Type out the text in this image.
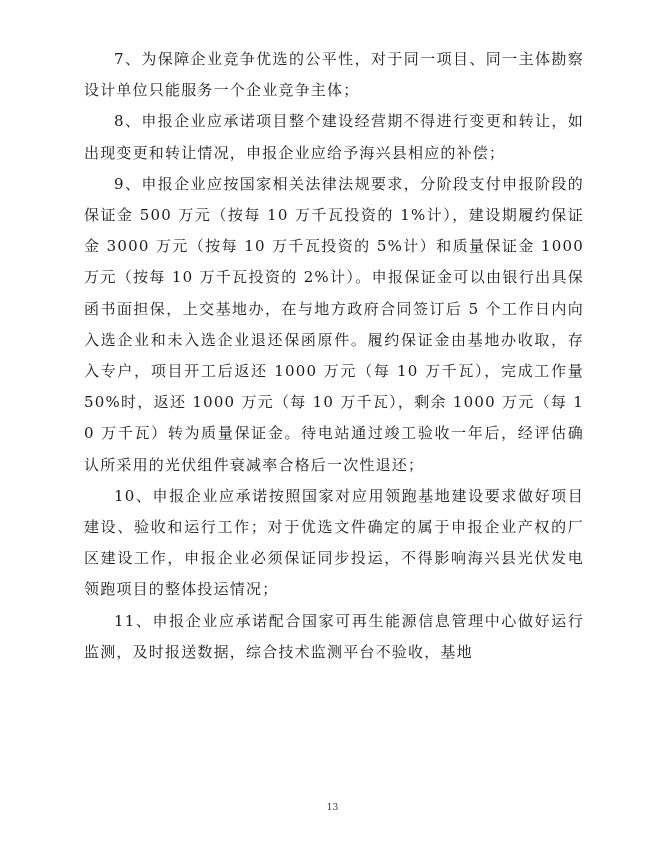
7、为保障企业竞争优选的公平性，对于同一项目、同一主体勘察设计单位只能服务一个企业竞争主体；

8、申报企业应承诺项目整个建设经营期不得进行变更和转让，如出现变更和转让情况，申报企业应给予海兴县相应的补偿；

9、申报企业应按国家相关法律法规要求，分阶段支付申报阶段的保证金 500 万元（按每 10 万千瓦投资的 1%计），建设期履约保证金 3000 万元（按每 10 万千瓦投资的 5%计）和质量保证金 1000 万元（按每 10 万千瓦投资的 2%计）。申报保证金可以由银行出具保函书面担保，上交基地办，在与地方政府合同签订后 5 个工作日内向入选企业和未入选企业退还保函原件。履约保证金由基地办收取，存入专户，项目开工后返还 1000 万元（每 10 万千瓦），完成工作量 50%时，返还 1000 万元（每 10 万千瓦），剩余 1000 万元（每 10 万千瓦）转为质量保证金。待电站通过竣工验收一年后，经评估确认所采用的光伏组件衰减率合格后一次性退还；

10、申报企业应承诺按照国家对应用领跑基地建设要求做好项目建设、验收和运行工作；对于优选文件确定的属于申报企业产权的厂区建设工作，申报企业必须保证同步投运，不得影响海兴县光伏发电领跑项目的整体投运情况；

11、申报企业应承诺配合国家可再生能源信息管理中心做好运行监测，及时报送数据，综合技术监测平台不验收，基地

13
